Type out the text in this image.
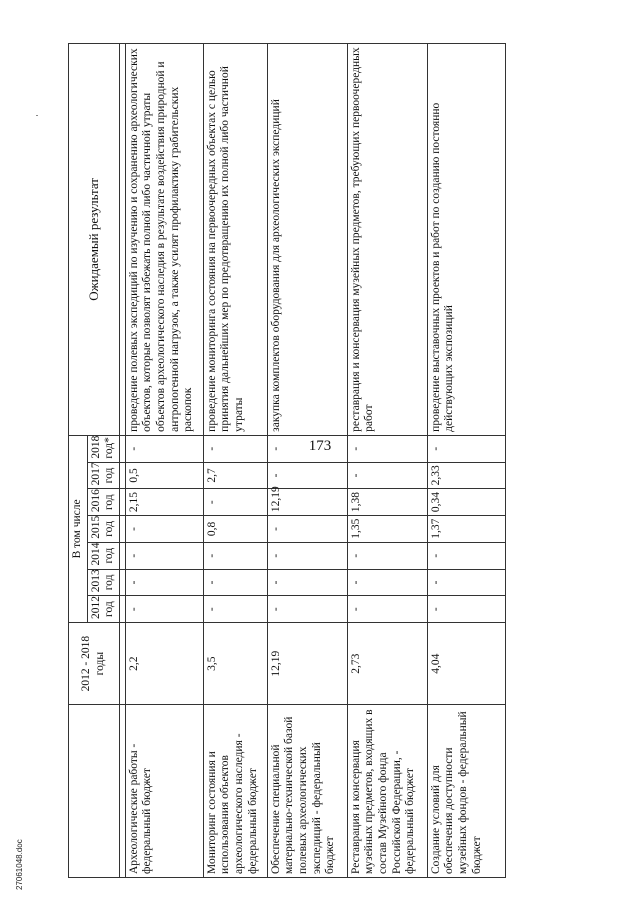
173
	2012 - 2018 годы	В том числе							Ожидаемый результат
		2012 год	2013 год	2014 год	2015 год	2016 год	2017 год	2018 год*	

Археологические работы - федеральный бюджет	2,2	-	-	-	-	2,15	0,5	-	проведение полевых экспедиций по изучению и сохранению археологических объектов, которые позволят избежать полной либо частичной утраты объектов археологического наследия в результате воздействия природной и антропогенной нагрузок, а также усилят профилактику грабительских раскопок
Мониторинг состояния и использования объектов археологического наследия - федеральный бюджет	3,5	-	-	-	0,8	-	2,7	-	проведение мониторинга состояния на первоочередных объектах с целью принятия дальнейших мер по предотвращению их полной либо частичной утраты
Обеспечение специальной материально-технической базой полевых археологических экспедиций - федеральный бюджет	12,19	-	-	-	-	12,19	-	-	закупка комплектов оборудования для археологических экспедиций
Реставрация и консервация музейных предметов, входящих в состав Музейного фонда Российской Федерации, - федеральный бюджет	2,73	-	-	-	1,35	1,38	-	-	реставрация и консервация музейных предметов, требующих первоочередных работ
Создание условий для обеспечения доступности музейных фондов - федеральный бюджет	4,04	-	-	-	1,37	0,34	2,33	-	проведение выставочных проектов и работ по созданию постоянно действующих экспозиций
27061048.doc
